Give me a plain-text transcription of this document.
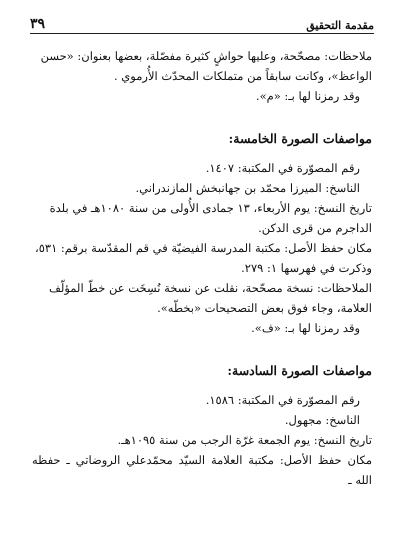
مقدمة التحقيق
٣٩

ملاحظات: مصحّحة، وعليها حواشٍ كثيرة مفصّلة، بعضها بعنوان: «حسن

الواعظ»، وكانت سابقاً من متملكات المحدّث الأُرموي .

وقد رمزنا لها بـ: «م».

مواصفات الصورة الخامسة:

رقم المصوّرة في المكتبة: ١٤٠٧.

الناسخ: الميرزا محمّد بن جهانبخش المازندراني.

تاريخ النسخ: يوم الأربعاء، ١٣ جمادى الأُولى من سنة ١٠٨٠هـ في بلدة

الداجرم من قرى الدكن.

مكان حفظ الأصل: مكتبة المدرسة الفيضيّة في قم المقدّسة برقم: ٥٣١،

وذكرت في فهرسها ١: ٢٧٩.

الملاحظات: نسخة مصحّحة، نقلت عن نسخة نُسِخَت عن خطّ المؤلّف

العلامة، وجاء فوق بعض التصحيحات «بخطّه».

وقد رمزنا لها بـ: «ف».

مواصفات الصورة السادسة:

رقم المصوّرة في المكتبة: ١٥٨٦.

الناسخ: مجهول.

تاريخ النسخ: يوم الجمعة غرّة الرجب من سنة ١٠٩٥هـ.

مكان حفظ الأصل: مكتبة العلامة السيّد محمّدعلي الروضاتي ـ حفظه الله ـ
